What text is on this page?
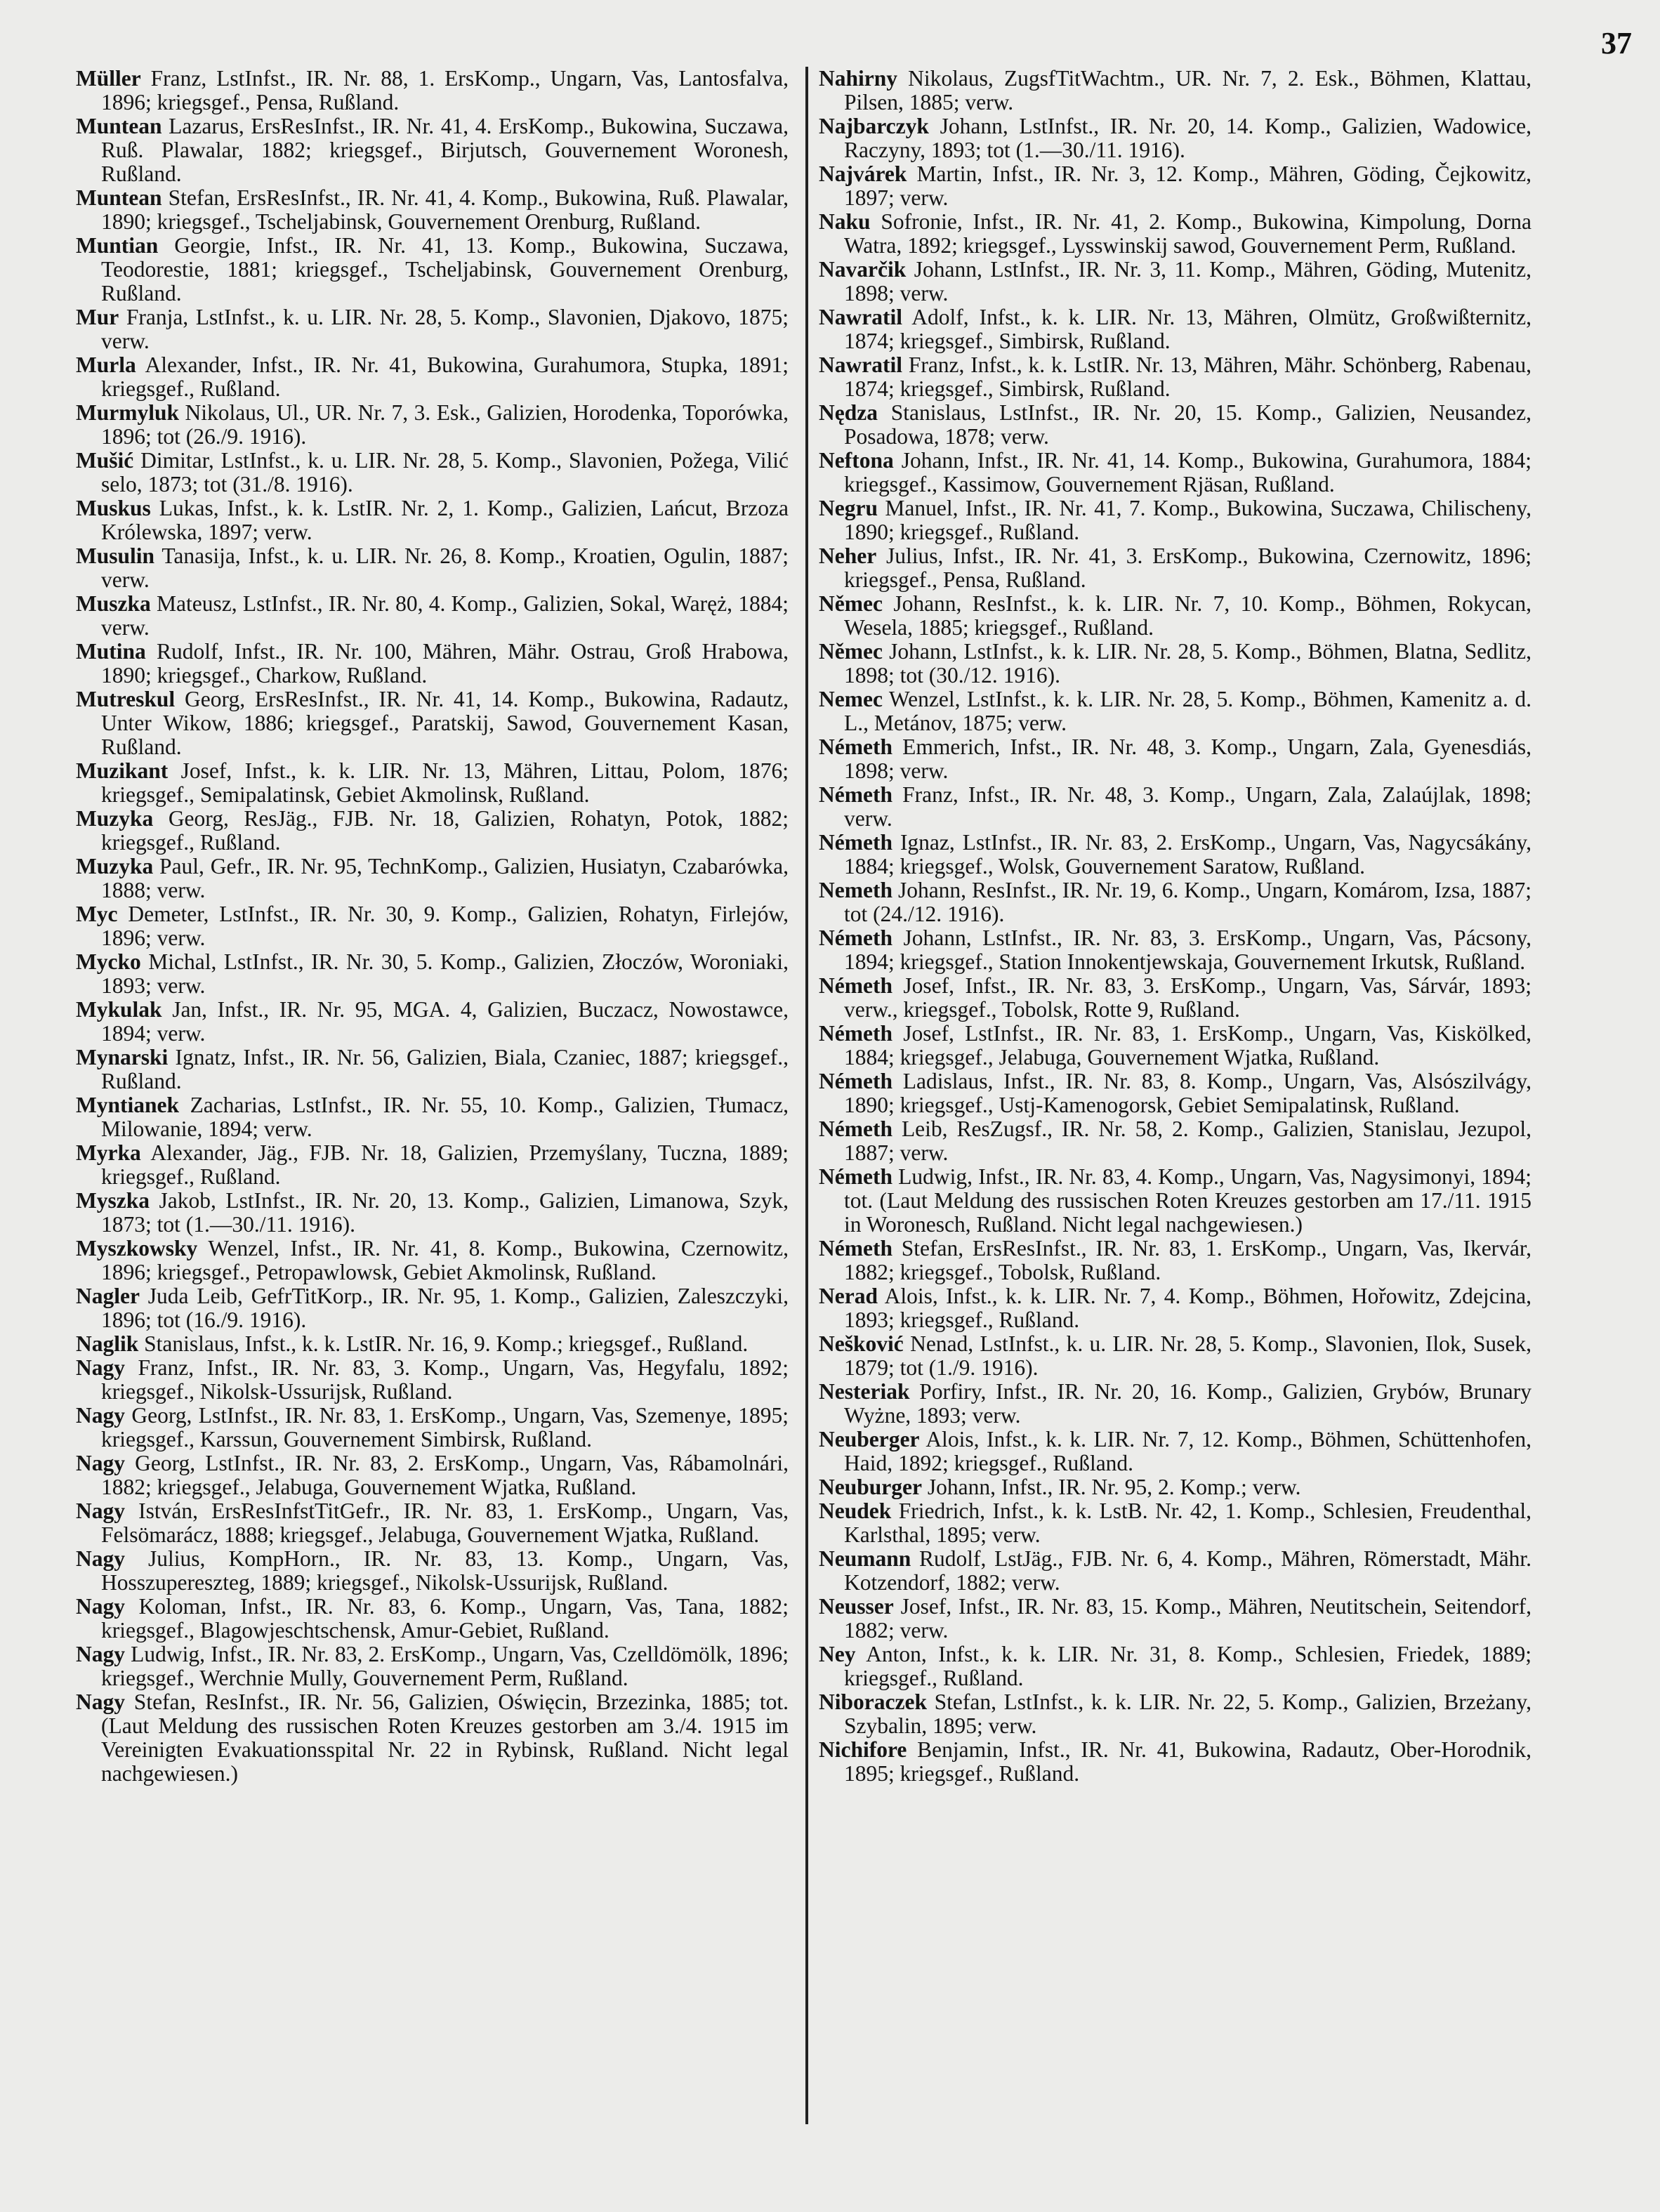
37
Müller Franz, LstInfst., IR. Nr. 88, 1. ErsKomp., Ungarn, Vas, Lantosfalva, 1896; kriegsgef., Pensa, Rußland.
Muntean Lazarus, ErsResInfst., IR. Nr. 41, 4. ErsKomp., Bukowina, Suczawa, Ruß. Plawalar, 1882; kriegsgef., Birjutsch, Gouvernement Woronesh, Rußland.
Muntean Stefan, ErsResInfst., IR. Nr. 41, 4. Komp., Bukowina, Ruß. Plawalar, 1890; kriegsgef., Tscheljabinsk, Gouvernement Orenburg, Rußland.
Muntian Georgie, Infst., IR. Nr. 41, 13. Komp., Bukowina, Suczawa, Teodorestie, 1881; kriegsgef., Tscheljabinsk, Gouvernement Orenburg, Rußland.
Mur Franja, LstInfst., k. u. LIR. Nr. 28, 5. Komp., Slavonien, Djakovo, 1875; verw.
Murla Alexander, Infst., IR. Nr. 41, Bukowina, Gurahumora, Stupka, 1891; kriegsgef., Rußland.
Murmyluk Nikolaus, Ul., UR. Nr. 7, 3. Esk., Galizien, Horodenka, Toporówka, 1896; tot (26./9. 1916).
Mušić Dimitar, LstInfst., k. u. LIR. Nr. 28, 5. Komp., Slavonien, Požega, Vilić selo, 1873; tot (31./8. 1916).
Muskus Lukas, Infst., k. k. LstIR. Nr. 2, 1. Komp., Galizien, Lańcut, Brzoza Królewska, 1897; verw.
Musulin Tanasija, Infst., k. u. LIR. Nr. 26, 8. Komp., Kroatien, Ogulin, 1887; verw.
Muszka Mateusz, LstInfst., IR. Nr. 80, 4. Komp., Galizien, Sokal, Waręż, 1884; verw.
Mutina Rudolf, Infst., IR. Nr. 100, Mähren, Mähr. Ostrau, Groß Hrabowa, 1890; kriegsgef., Charkow, Rußland.
Mutreskul Georg, ErsResInfst., IR. Nr. 41, 14. Komp., Bukowina, Radautz, Unter Wikow, 1886; kriegsgef., Paratskij, Sawod, Gouvernement Kasan, Rußland.
Muzikant Josef, Infst., k. k. LIR. Nr. 13, Mähren, Littau, Polom, 1876; kriegsgef., Semipalatinsk, Gebiet Akmolinsk, Rußland.
Muzyka Georg, ResJäg., FJB. Nr. 18, Galizien, Rohatyn, Potok, 1882; kriegsgef., Rußland.
Muzyka Paul, Gefr., IR. Nr. 95, TechnKomp., Galizien, Husiatyn, Czabarówka, 1888; verw.
Myc Demeter, LstInfst., IR. Nr. 30, 9. Komp., Galizien, Rohatyn, Firlejów, 1896; verw.
Mycko Michal, LstInfst., IR. Nr. 30, 5. Komp., Galizien, Złoczów, Woroniaki, 1893; verw.
Mykulak Jan, Infst., IR. Nr. 95, MGA. 4, Galizien, Buczacz, Nowostawce, 1894; verw.
Mynarski Ignatz, Infst., IR. Nr. 56, Galizien, Biala, Czaniec, 1887; kriegsgef., Rußland.
Myntianek Zacharias, LstInfst., IR. Nr. 55, 10. Komp., Galizien, Tłumacz, Milowanie, 1894; verw.
Myrka Alexander, Jäg., FJB. Nr. 18, Galizien, Przemyślany, Tuczna, 1889; kriegsgef., Rußland.
Myszka Jakob, LstInfst., IR. Nr. 20, 13. Komp., Galizien, Limanowa, Szyk, 1873; tot (1.—30./11. 1916).
Myszkowsky Wenzel, Infst., IR. Nr. 41, 8. Komp., Bukowina, Czernowitz, 1896; kriegsgef., Petropawlowsk, Gebiet Akmolinsk, Rußland.
Nagler Juda Leib, GefrTitKorp., IR. Nr. 95, 1. Komp., Galizien, Zaleszczyki, 1896; tot (16./9. 1916).
Naglik Stanislaus, Infst., k. k. LstIR. Nr. 16, 9. Komp.; kriegsgef., Rußland.
Nagy Franz, Infst., IR. Nr. 83, 3. Komp., Ungarn, Vas, Hegyfalu, 1892; kriegsgef., Nikolsk-Ussurijsk, Rußland.
Nagy Georg, LstInfst., IR. Nr. 83, 1. ErsKomp., Ungarn, Vas, Szemenye, 1895; kriegsgef., Karssun, Gouvernement Simbirsk, Rußland.
Nagy Georg, LstInfst., IR. Nr. 83, 2. ErsKomp., Ungarn, Vas, Rábamolnári, 1882; kriegsgef., Jelabuga, Gouvernement Wjatka, Rußland.
Nagy István, ErsResInfstTitGefr., IR. Nr. 83, 1. ErsKomp., Ungarn, Vas, Felsömarácz, 1888; kriegsgef., Jelabuga, Gouvernement Wjatka, Rußland.
Nagy Julius, KompHorn., IR. Nr. 83, 13. Komp., Ungarn, Vas, Hosszupereszteg, 1889; kriegsgef., Nikolsk-Ussurijsk, Rußland.
Nagy Koloman, Infst., IR. Nr. 83, 6. Komp., Ungarn, Vas, Tana, 1882; kriegsgef., Blagowjeschtschensk, Amur-Gebiet, Rußland.
Nagy Ludwig, Infst., IR. Nr. 83, 2. ErsKomp., Ungarn, Vas, Czelldömölk, 1896; kriegsgef., Werchnie Mully, Gouvernement Perm, Rußland.
Nagy Stefan, ResInfst., IR. Nr. 56, Galizien, Oświęcin, Brzezinka, 1885; tot. (Laut Meldung des russischen Roten Kreuzes gestorben am 3./4. 1915 im Vereinigten Evakuationsspital Nr. 22 in Rybinsk, Rußland. Nicht legal nachgewiesen.)
Nahirny Nikolaus, ZugsfTitWachtm., UR. Nr. 7, 2. Esk., Böhmen, Klattau, Pilsen, 1885; verw.
Najbarczyk Johann, LstInfst., IR. Nr. 20, 14. Komp., Galizien, Wadowice, Raczyny, 1893; tot (1.—30./11. 1916).
Najvárek Martin, Infst., IR. Nr. 3, 12. Komp., Mähren, Göding, Čejkowitz, 1897; verw.
Naku Sofronie, Infst., IR. Nr. 41, 2. Komp., Bukowina, Kimpolung, Dorna Watra, 1892; kriegsgef., Lysswinskij sawod, Gouvernement Perm, Rußland.
Navarčik Johann, LstInfst., IR. Nr. 3, 11. Komp., Mähren, Göding, Mutenitz, 1898; verw.
Nawratil Adolf, Infst., k. k. LIR. Nr. 13, Mähren, Olmütz, Großwißternitz, 1874; kriegsgef., Simbirsk, Rußland.
Nawratil Franz, Infst., k. k. LstIR. Nr. 13, Mähren, Mähr. Schönberg, Rabenau, 1874; kriegsgef., Simbirsk, Rußland.
Nędza Stanislaus, LstInfst., IR. Nr. 20, 15. Komp., Galizien, Neusandez, Posadowa, 1878; verw.
Neftona Johann, Infst., IR. Nr. 41, 14. Komp., Bukowina, Gurahumora, 1884; kriegsgef., Kassimow, Gouvernement Rjäsan, Rußland.
Negru Manuel, Infst., IR. Nr. 41, 7. Komp., Bukowina, Suczawa, Chilischeny, 1890; kriegsgef., Rußland.
Neher Julius, Infst., IR. Nr. 41, 3. ErsKomp., Bukowina, Czernowitz, 1896; kriegsgef., Pensa, Rußland.
Němec Johann, ResInfst., k. k. LIR. Nr. 7, 10. Komp., Böhmen, Rokycan, Wesela, 1885; kriegsgef., Rußland.
Němec Johann, LstInfst., k. k. LIR. Nr. 28, 5. Komp., Böhmen, Blatna, Sedlitz, 1898; tot (30./12. 1916).
Nemec Wenzel, LstInfst., k. k. LIR. Nr. 28, 5. Komp., Böhmen, Kamenitz a. d. L., Metánov, 1875; verw.
Németh Emmerich, Infst., IR. Nr. 48, 3. Komp., Ungarn, Zala, Gyenesdiás, 1898; verw.
Németh Franz, Infst., IR. Nr. 48, 3. Komp., Ungarn, Zala, Zalaújlak, 1898; verw.
Németh Ignaz, LstInfst., IR. Nr. 83, 2. ErsKomp., Ungarn, Vas, Nagycsákány, 1884; kriegsgef., Wolsk, Gouvernement Saratow, Rußland.
Nemeth Johann, ResInfst., IR. Nr. 19, 6. Komp., Ungarn, Komárom, Izsa, 1887; tot (24./12. 1916).
Németh Johann, LstInfst., IR. Nr. 83, 3. ErsKomp., Ungarn, Vas, Pácsony, 1894; kriegsgef., Station Innokentjewskaja, Gouvernement Irkutsk, Rußland.
Németh Josef, Infst., IR. Nr. 83, 3. ErsKomp., Ungarn, Vas, Sárvár, 1893; verw., kriegsgef., Tobolsk, Rotte 9, Rußland.
Németh Josef, LstInfst., IR. Nr. 83, 1. ErsKomp., Ungarn, Vas, Kiskölked, 1884; kriegsgef., Jelabuga, Gouvernement Wjatka, Rußland.
Németh Ladislaus, Infst., IR. Nr. 83, 8. Komp., Ungarn, Vas, Alsószilvágy, 1890; kriegsgef., Ustj-Kamenogorsk, Gebiet Semipalatinsk, Rußland.
Németh Leib, ResZugsf., IR. Nr. 58, 2. Komp., Galizien, Stanislau, Jezupol, 1887; verw.
Németh Ludwig, Infst., IR. Nr. 83, 4. Komp., Ungarn, Vas, Nagysimonyi, 1894; tot. (Laut Meldung des russischen Roten Kreuzes gestorben am 17./11. 1915 in Woronesch, Rußland. Nicht legal nachgewiesen.)
Németh Stefan, ErsResInfst., IR. Nr. 83, 1. ErsKomp., Ungarn, Vas, Ikervár, 1882; kriegsgef., Tobolsk, Rußland.
Nerad Alois, Infst., k. k. LIR. Nr. 7, 4. Komp., Böhmen, Hořowitz, Zdejcina, 1893; kriegsgef., Rußland.
Nešković Nenad, LstInfst., k. u. LIR. Nr. 28, 5. Komp., Slavonien, Ilok, Susek, 1879; tot (1./9. 1916).
Nesteriak Porfiry, Infst., IR. Nr. 20, 16. Komp., Galizien, Grybów, Brunary Wyżne, 1893; verw.
Neuberger Alois, Infst., k. k. LIR. Nr. 7, 12. Komp., Böhmen, Schüttenhofen, Haid, 1892; kriegsgef., Rußland.
Neuburger Johann, Infst., IR. Nr. 95, 2. Komp.; verw.
Neudek Friedrich, Infst., k. k. LstB. Nr. 42, 1. Komp., Schlesien, Freudenthal, Karlsthal, 1895; verw.
Neumann Rudolf, LstJäg., FJB. Nr. 6, 4. Komp., Mähren, Römerstadt, Mähr. Kotzendorf, 1882; verw.
Neusser Josef, Infst., IR. Nr. 83, 15. Komp., Mähren, Neutitschein, Seitendorf, 1882; verw.
Ney Anton, Infst., k. k. LIR. Nr. 31, 8. Komp., Schlesien, Friedek, 1889; kriegsgef., Rußland.
Niboraczek Stefan, LstInfst., k. k. LIR. Nr. 22, 5. Komp., Galizien, Brzeżany, Szybalin, 1895; verw.
Nichifore Benjamin, Infst., IR. Nr. 41, Bukowina, Radautz, Ober-Horodnik, 1895; kriegsgef., Rußland.
